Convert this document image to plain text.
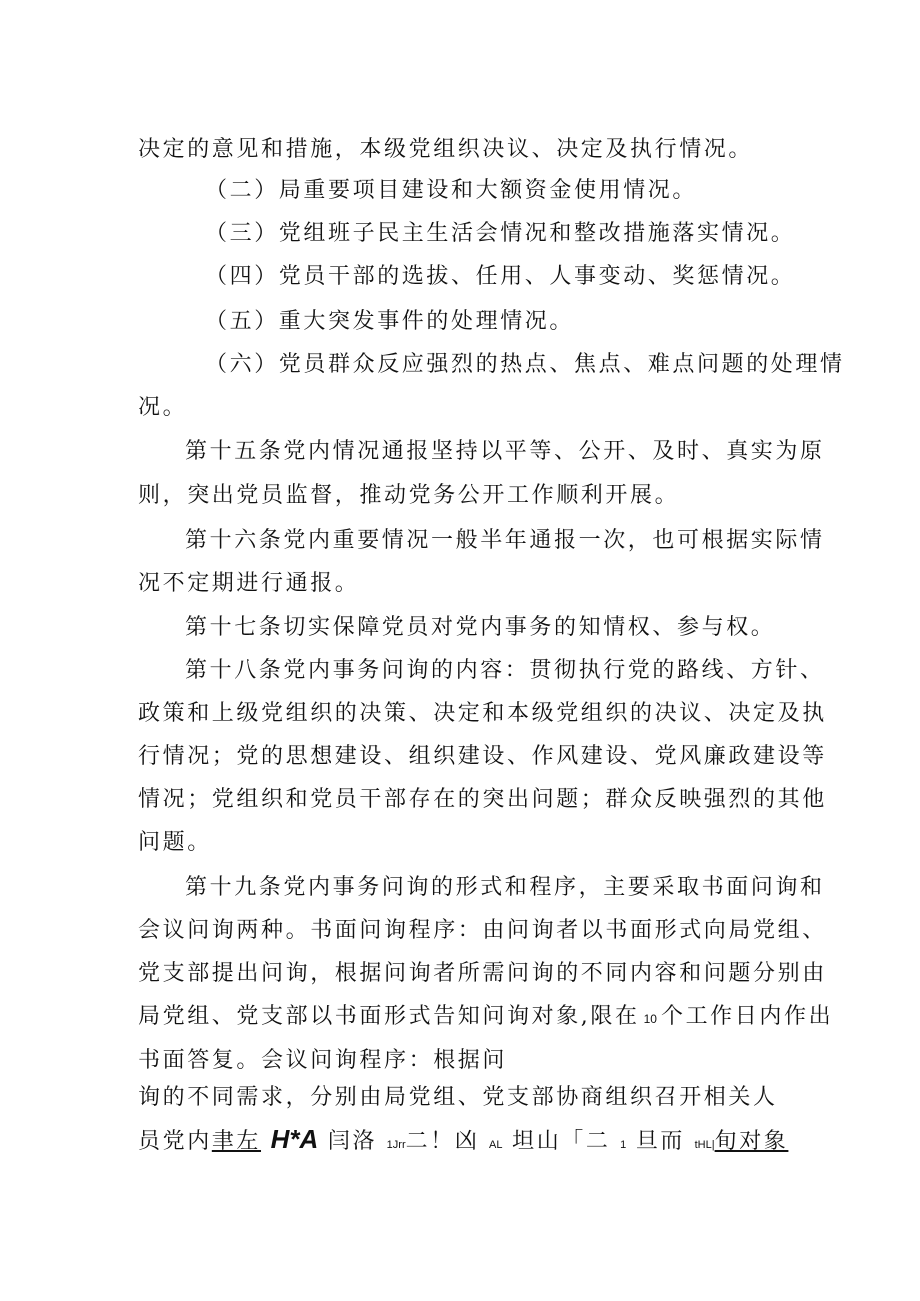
决定的意见和措施，本级党组织决议、决定及执行情况。
（二）局重要项目建设和大额资金使用情况。
（三）党组班子民主生活会情况和整改措施落实情况。
（四）党员干部的选拔、任用、人事变动、奖惩情况。
（五）重大突发事件的处理情况。
（六）党员群众反应强烈的热点、焦点、难点问题的处理情
况。
第十五条党内情况通报坚持以平等、公开、及时、真实为原
则，突出党员监督，推动党务公开工作顺利开展。
第十六条党内重要情况一般半年通报一次，也可根据实际情
况不定期进行通报。
第十七条切实保障党员对党内事务的知情权、参与权。
第十八条党内事务问询的内容：贯彻执行党的路线、方针、
政策和上级党组织的决策、决定和本级党组织的决议、决定及执
行情况；党的思想建设、组织建设、作风建设、党风廉政建设等
情况；党组织和党员干部存在的突出问题；群众反映强烈的其他
问题。
第十九条党内事务问询的形式和程序，主要采取书面问询和
会议问询两种。书面问询程序：由问询者以书面形式向局党组、
党支部提出问询，根据问询者所需问询的不同内容和问题分别由
局党组、党支部以书面形式告知问询对象,限在 10 个工作日内作出
书面答复。会议问询程序：根据问
询的不同需求，分别由局党组、党支部协商组织召开相关人
员党内聿左 H*A 闫洛 1Jrr二！凶 AL 坦山「二 1 旦而 tHL|旬对象
